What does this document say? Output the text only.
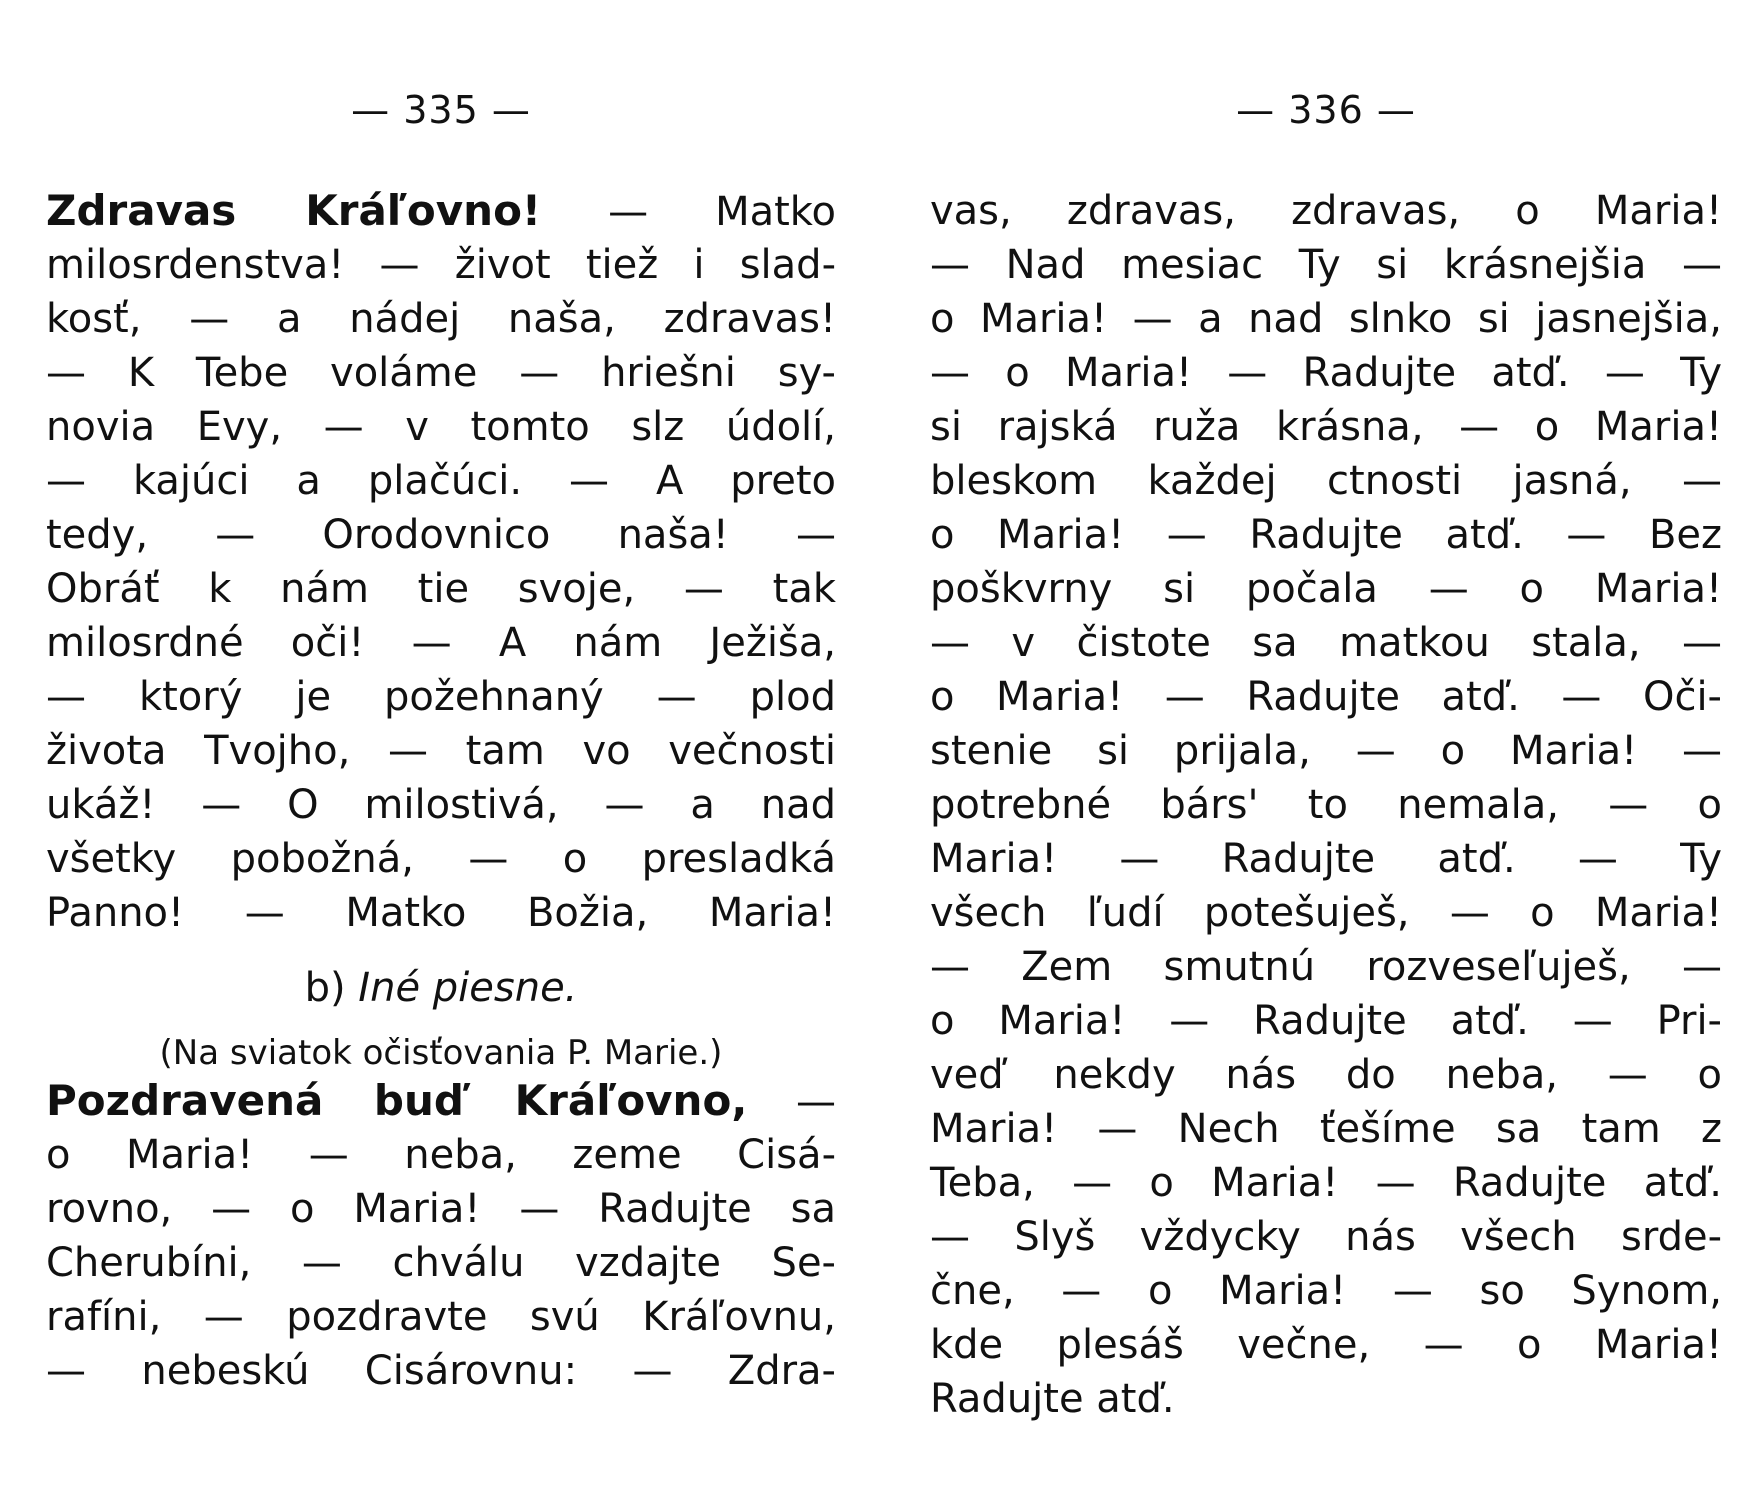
— 335 —
Zdravas Kráľovno! — Matko
milosrdenstva! — život tiež i slad-
kosť, — a nádej naša, zdravas!
— K Tebe voláme — hriešni sy-
novia Evy, — v tomto slz údolí,
— kajúci a plačúci. — A preto
tedy, — Orodovnico naša! —
Obráť k nám tie svoje, — tak
milosrdné oči! — A nám Ježiša,
— ktorý je požehnaný — plod
života Tvojho, — tam vo večnosti
ukáž! — O milostivá, — a nad
všetky pobožná, — o presladká
Panno! — Matko Božia, Maria!
b) Iné piesne.
(Na sviatok očisťovania P. Marie.)
Pozdravená buď Kráľovno, —
o Maria! — neba, zeme Cisá-
rovno, — o Maria! — Radujte sa
Cherubíni, — chválu vzdajte Se-
rafíni, — pozdravte svú Kráľovnu,
— nebeskú Cisárovnu: — Zdra-
— 336 —
vas, zdravas, zdravas, o Maria!
— Nad mesiac Ty si krásnejšia —
o Maria! — a nad slnko si jasnejšia,
— o Maria! — Radujte atď. — Ty
si rajská ruža krásna, — o Maria!
bleskom každej ctnosti jasná, —
o Maria! — Radujte atď. — Bez
poškvrny si počala — o Maria!
— v čistote sa matkou stala, —
o Maria! — Radujte atď. — Oči-
stenie si prijala, — o Maria! —
potrebné bárs' to nemala, — o
Maria! — Radujte atď. — Ty
všech ľudí potešuješ, — o Maria!
— Zem smutnú rozveseľuješ, —
o Maria! — Radujte atď. — Pri-
veď nekdy nás do neba, — o
Maria! — Nech ťešíme sa tam z
Teba, — o Maria! — Radujte atď.
— Slyš vždycky nás všech srde-
čne, — o Maria! — so Synom,
kde plesáš večne, — o Maria!
Radujte atď.
